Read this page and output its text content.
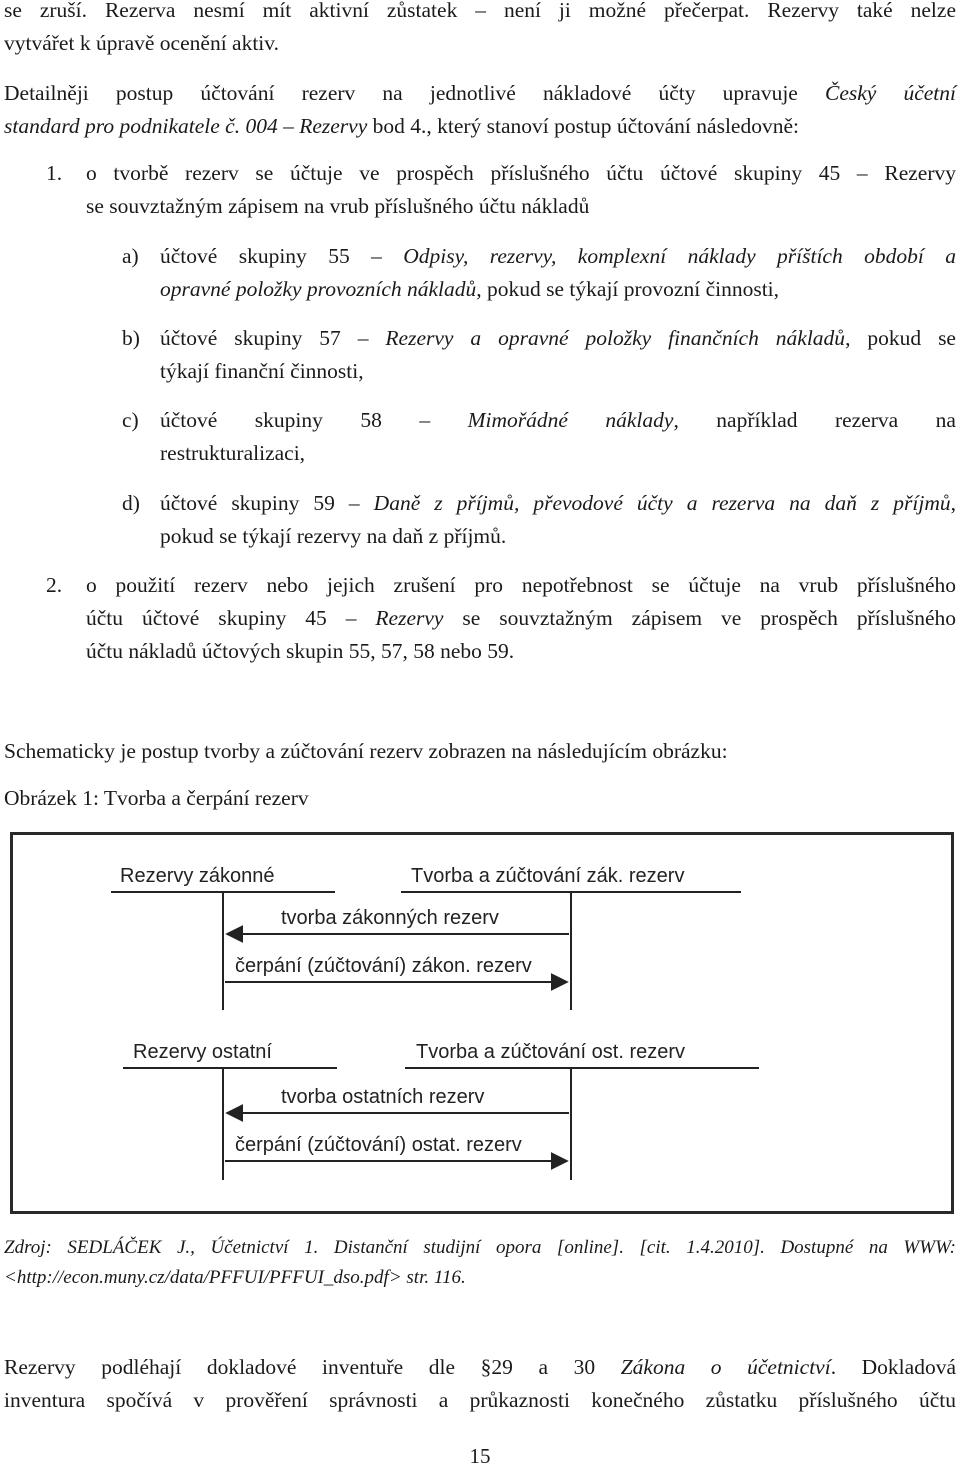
se zruší. Rezerva nesmí mít aktivní zůstatek – není ji možné přečerpat. Rezervy také nelze
vytvářet k úpravě ocenění aktiv.
Detailněji postup účtování rezerv na jednotlivé nákladové účty upravuje Český účetní
standard pro podnikatele č. 004 – Rezervy bod 4., který stanoví postup účtování následovně:
1. o tvorbě rezerv se účtuje ve prospěch příslušného účtu účtové skupiny 45 – Rezervy
se souvztažným zápisem na vrub příslušného účtu nákladů
a) účtové skupiny 55 – Odpisy, rezervy, komplexní náklady příštích období a
opravné položky provozních nákladů, pokud se týkají provozní činnosti,
b) účtové skupiny 57 – Rezervy a opravné položky finančních nákladů, pokud se
týkají finanční činnosti,
c) účtové skupiny 58 – Mimořádné náklady, například rezerva na
restrukturalizaci,
d) účtové skupiny 59 – Daně z příjmů, převodové účty a rezerva na daň z příjmů,
pokud se týkají rezervy na daň z příjmů.
2. o použití rezerv nebo jejich zrušení pro nepotřebnost se účtuje na vrub příslušného
účtu účtové skupiny 45 – Rezervy se souvztažným zápisem ve prospěch příslušného
účtu nákladů účtových skupin 55, 57, 58 nebo 59.
Schematicky je postup tvorby a zúčtování rezerv zobrazen na následujícím obrázku:
Obrázek 1: Tvorba a čerpání rezerv
Rezervy zákonné	Tvorba a zúčtování zák. rezerv
tvorba zákonných rezerv
čerpání (zúčtování) zákon. rezerv
Rezervy ostatní	Tvorba a zúčtování ost. rezerv
tvorba ostatních rezerv
čerpání (zúčtování) ostat. rezerv
Zdroj: SEDLÁČEK J., Účetnictví 1. Distanční studijní opora [online]. [cit. 1.4.2010]. Dostupné na WWW:
<http://econ.muny.cz/data/PFFUI/PFFUI_dso.pdf> str. 116.
Rezervy podléhají dokladové inventuře dle §29 a 30 Zákona o účetnictví. Dokladová
inventura spočívá v prověření správnosti a průkaznosti konečného zůstatku příslušného účtu
15
